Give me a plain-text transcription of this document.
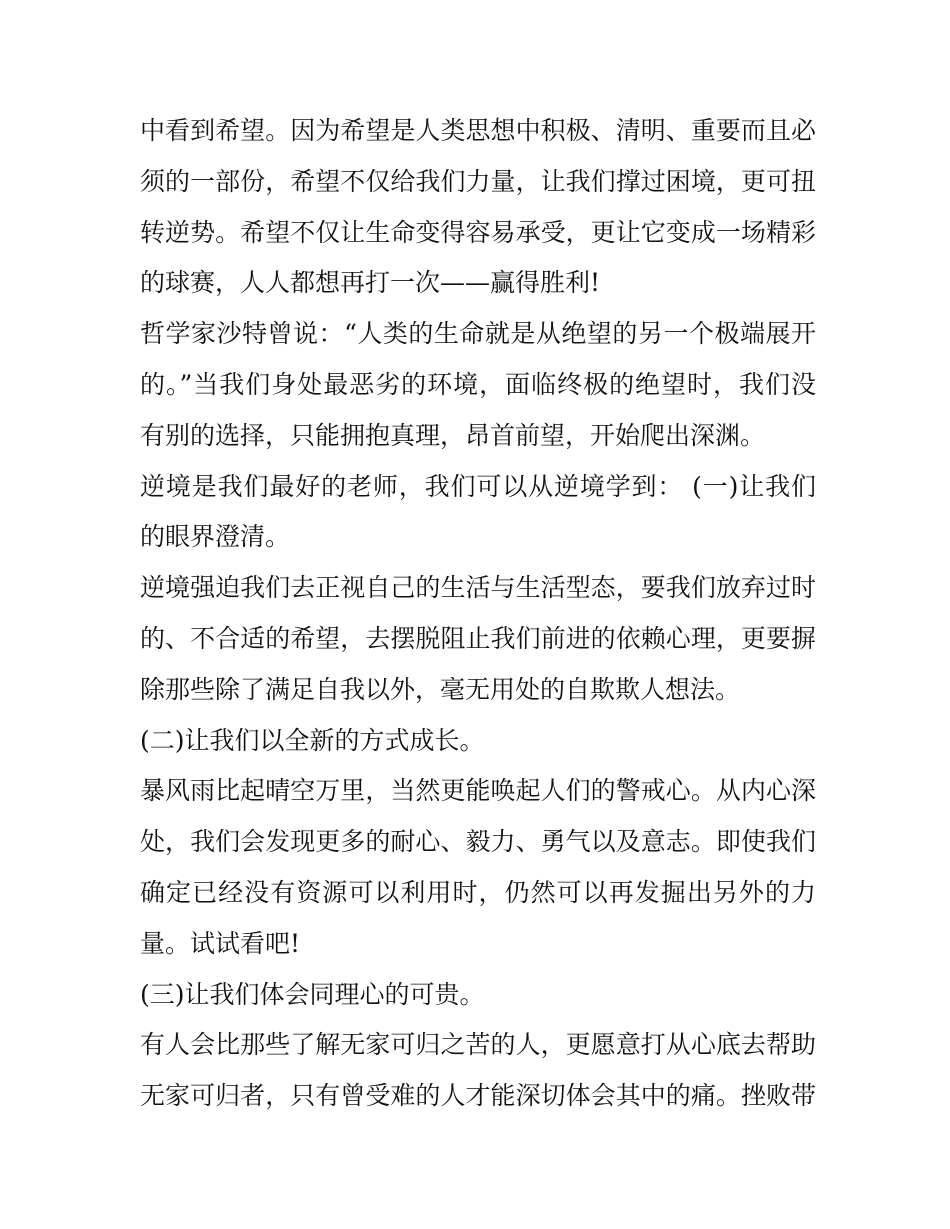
中看到希望。因为希望是人类思想中积极、清明、重要而且必
须的一部份，希望不仅给我们力量，让我们撑过困境，更可扭
转逆势。希望不仅让生命变得容易承受，更让它变成一场精彩
的球赛，人人都想再打一次——赢得胜利!
哲学家沙特曾说：“人类的生命就是从绝望的另一个极端展开
的。”当我们身处最恶劣的环境，面临终极的绝望时，我们没
有别的选择，只能拥抱真理，昂首前望，开始爬出深渊。
逆境是我们最好的老师，我们可以从逆境学到： (一)让我们
的眼界澄清。
逆境强迫我们去正视自己的生活与生活型态，要我们放弃过时
的、不合适的希望，去摆脱阻止我们前进的依赖心理，更要摒
除那些除了满足自我以外，毫无用处的自欺欺人想法。
(二)让我们以全新的方式成长。
暴风雨比起晴空万里，当然更能唤起人们的警戒心。从内心深
处，我们会发现更多的耐心、毅力、勇气以及意志。即使我们
确定已经没有资源可以利用时，仍然可以再发掘出另外的力
量。试试看吧!
(三)让我们体会同理心的可贵。
有人会比那些了解无家可归之苦的人，更愿意打从心底去帮助
无家可归者，只有曾受难的人才能深切体会其中的痛。挫败带
